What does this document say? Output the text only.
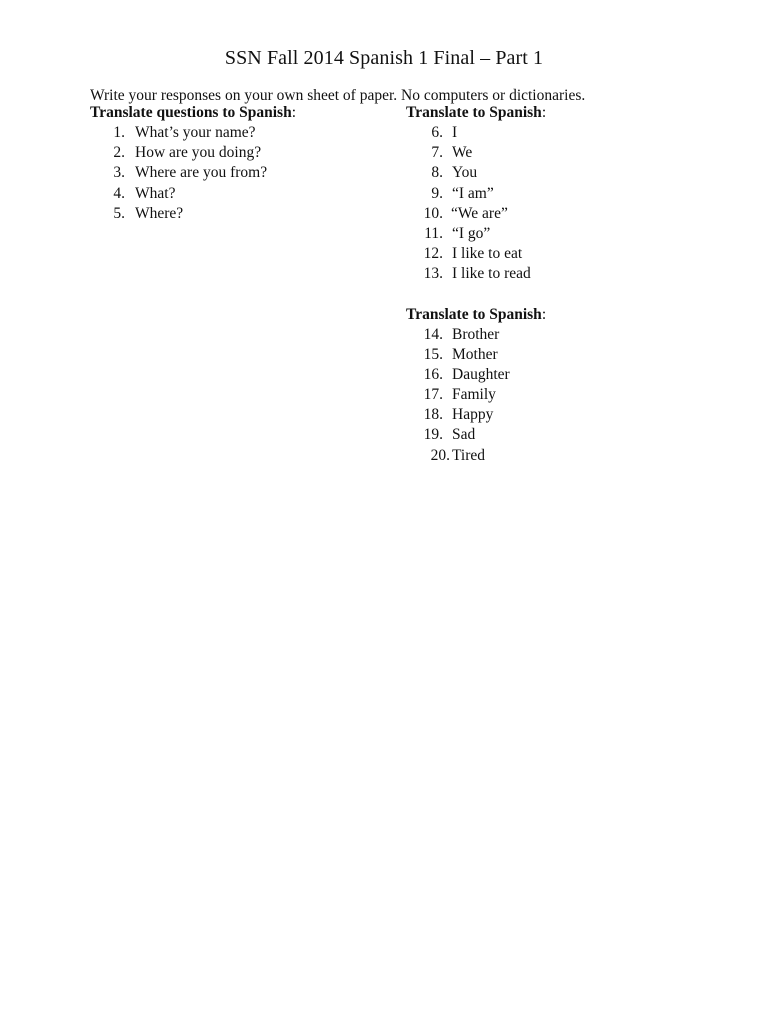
SSN Fall 2014 Spanish 1 Final – Part 1
Write your responses on your own sheet of paper. No computers or dictionaries.
Translate questions to Spanish:
1. What’s your name?
2. How are you doing?
3. Where are you from?
4. What?
5. Where?
Translate to Spanish:
6. I
7. We
8. You
9. “I am”
10. “We are”
11. “I go”
12. I like to eat
13. I like to read
Translate to Spanish:
14. Brother
15. Mother
16. Daughter
17. Family
18. Happy
19. Sad
20. Tired
